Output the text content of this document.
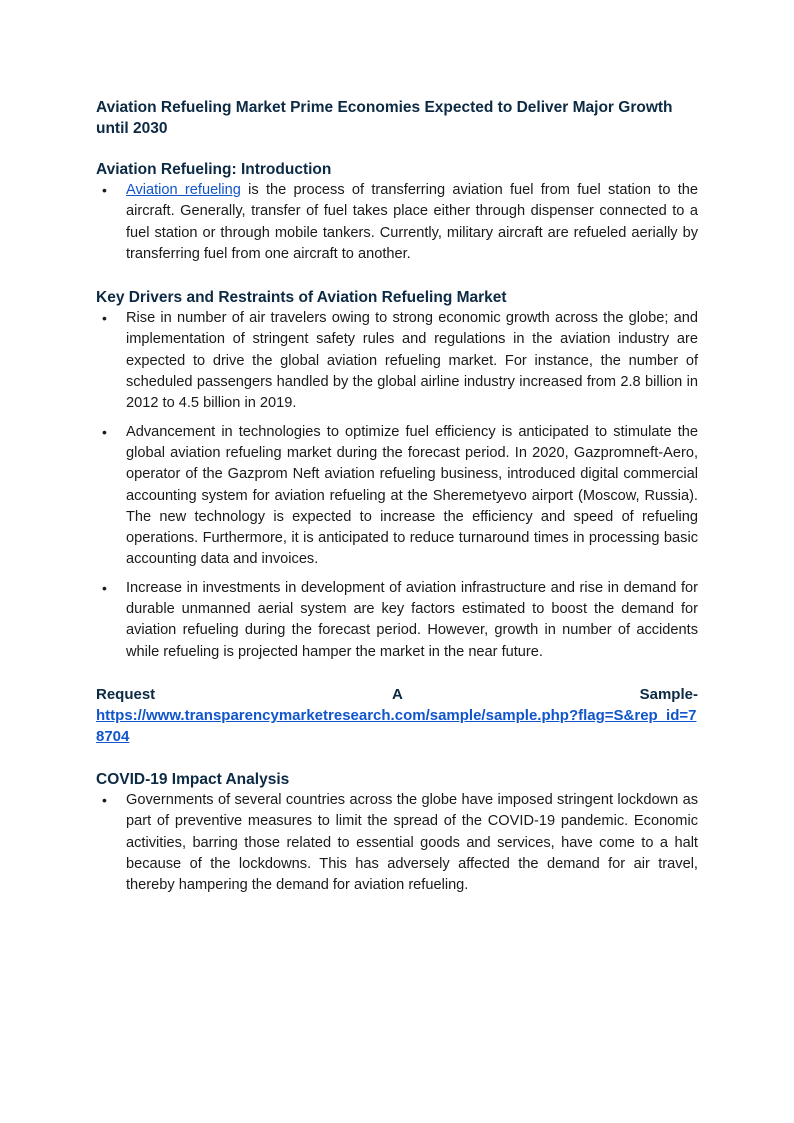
Aviation Refueling Market Prime Economies Expected to Deliver Major Growth until 2030
Aviation Refueling: Introduction
• Aviation refueling is the process of transferring aviation fuel from fuel station to the aircraft. Generally, transfer of fuel takes place either through dispenser connected to a fuel station or through mobile tankers. Currently, military aircraft are refueled aerially by transferring fuel from one aircraft to another.
Key Drivers and Restraints of Aviation Refueling Market
• Rise in number of air travelers owing to strong economic growth across the globe; and implementation of stringent safety rules and regulations in the aviation industry are expected to drive the global aviation refueling market. For instance, the number of scheduled passengers handled by the global airline industry increased from 2.8 billion in 2012 to 4.5 billion in 2019.
• Advancement in technologies to optimize fuel efficiency is anticipated to stimulate the global aviation refueling market during the forecast period. In 2020, Gazpromneft-Aero, operator of the Gazprom Neft aviation refueling business, introduced digital commercial accounting system for aviation refueling at the Sheremetyevo airport (Moscow, Russia). The new technology is expected to increase the efficiency and speed of refueling operations. Furthermore, it is anticipated to reduce turnaround times in processing basic accounting data and invoices.
• Increase in investments in development of aviation infrastructure and rise in demand for durable unmanned aerial system are key factors estimated to boost the demand for aviation refueling during the forecast period. However, growth in number of accidents while refueling is projected hamper the market in the near future.
Request	A	Sample-
https://www.transparencymarketresearch.com/sample/sample.php?flag=S&rep_id=78704
COVID-19 Impact Analysis
• Governments of several countries across the globe have imposed stringent lockdown as part of preventive measures to limit the spread of the COVID-19 pandemic. Economic activities, barring those related to essential goods and services, have come to a halt because of the lockdowns. This has adversely affected the demand for air travel, thereby hampering the demand for aviation refueling.
